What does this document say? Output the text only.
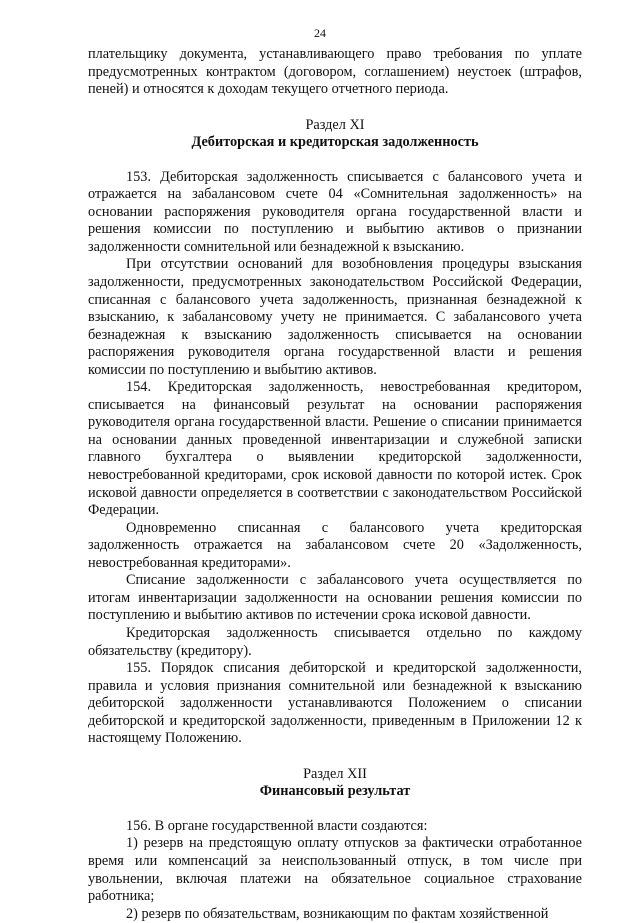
24

плательщику документа, устанавливающего право требования по уплате предусмотренных контрактом (договором, соглашением) неустоек (штрафов, пеней) и относятся к доходам текущего отчетного периода.

Раздел XI
Дебиторская и кредиторская задолженность

153. Дебиторская задолженность списывается с балансового учета и отражается на забалансовом счете 04 «Сомнительная задолженность» на основании распоряжения руководителя органа государственной власти и решения комиссии по поступлению и выбытию активов о признании задолженности сомнительной или безнадежной к взысканию.

При отсутствии оснований для возобновления процедуры взыскания задолженности, предусмотренных законодательством Российской Федерации, списанная с балансового учета задолженность, признанная безнадежной к взысканию, к забалансовому учету не принимается. С забалансового учета безнадежная к взысканию задолженность списывается на основании распоряжения руководителя органа государственной власти и решения комиссии по поступлению и выбытию активов.

154. Кредиторская задолженность, невостребованная кредитором, списывается на финансовый результат на основании распоряжения руководителя органа государственной власти. Решение о списании принимается на основании данных проведенной инвентаризации и служебной записки главного бухгалтера о выявлении кредиторской задолженности, невостребованной кредиторами, срок исковой давности по которой истек. Срок исковой давности определяется в соответствии с законодательством Российской Федерации.

Одновременно списанная с балансового учета кредиторская задолженность отражается на забалансовом счете 20 «Задолженность, невостребованная кредиторами».

Списание задолженности с забалансового учета осуществляется по итогам инвентаризации задолженности на основании решения комиссии по поступлению и выбытию активов по истечении срока исковой давности.

Кредиторская задолженность списывается отдельно по каждому обязательству (кредитору).

155. Порядок списания дебиторской и кредиторской задолженности, правила и условия признания сомнительной или безнадежной к взысканию дебиторской задолженности устанавливаются Положением о списании дебиторской и кредиторской задолженности, приведенным в Приложении 12 к настоящему Положению.

Раздел XII
Финансовый результат

156. В органе государственной власти создаются:

1) резерв на предстоящую оплату отпусков за фактически отработанное время или компенсаций за неиспользованный отпуск, в том числе при увольнении, включая платежи на обязательное социальное страхование работника;

2) резерв по обязательствам, возникающим по фактам хозяйственной
